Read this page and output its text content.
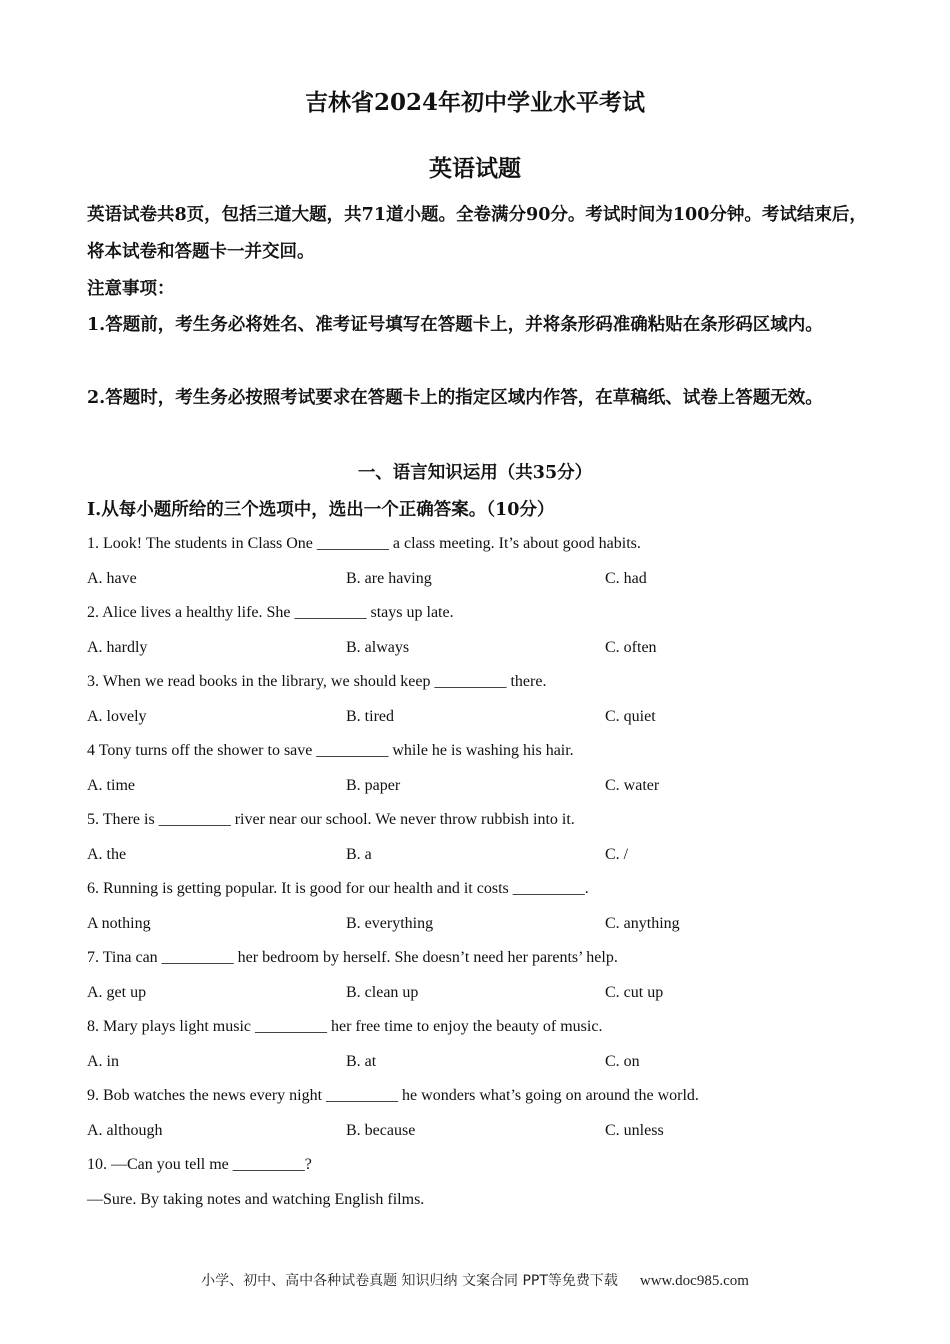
吉林省2024年初中学业水平考试
英语试题
英语试卷共8页，包括三道大题，共71道小题。全卷满分90分。考试时间为100分钟。考试结束后，将本试卷和答题卡一并交回。
注意事项：
1.答题前，考生务必将姓名、准考证号填写在答题卡上，并将条形码准确粘贴在条形码区域内。
2.答题时，考生务必按照考试要求在答题卡上的指定区域内作答，在草稿纸、试卷上答题无效。
一、语言知识运用（共35分）
Ⅰ.从每小题所给的三个选项中，选出一个正确答案。（10分）
1. Look! The students in Class One _________ a class meeting. It’s about good habits.
A. have	B. are having	C. had
2. Alice lives a healthy life. She _________ stays up late.
A. hardly	B. always	C. often
3. When we read books in the library, we should keep _________ there.
A. lovely	B. tired	C. quiet
4 Tony turns off the shower to save _________ while he is washing his hair.
A. time	B. paper	C. water
5. There is _________ river near our school. We never throw rubbish into it.
A. the	B. a	C. /
6. Running is getting popular. It is good for our health and it costs _________.
A nothing	B. everything	C. anything
7. Tina can _________ her bedroom by herself. She doesn’t need her parents’ help.
A. get up	B. clean up	C. cut up
8. Mary plays light music _________ her free time to enjoy the beauty of music.
A. in	B. at	C. on
9. Bob watches the news every night _________ he wonders what’s going on around the world.
A. although	B. because	C. unless
10. —Can you tell me _________?
—Sure. By taking notes and watching English films.
小学、初中、高中各种试卷真题 知识归纳 文案合同 PPT等免费下载 www.doc985.com
